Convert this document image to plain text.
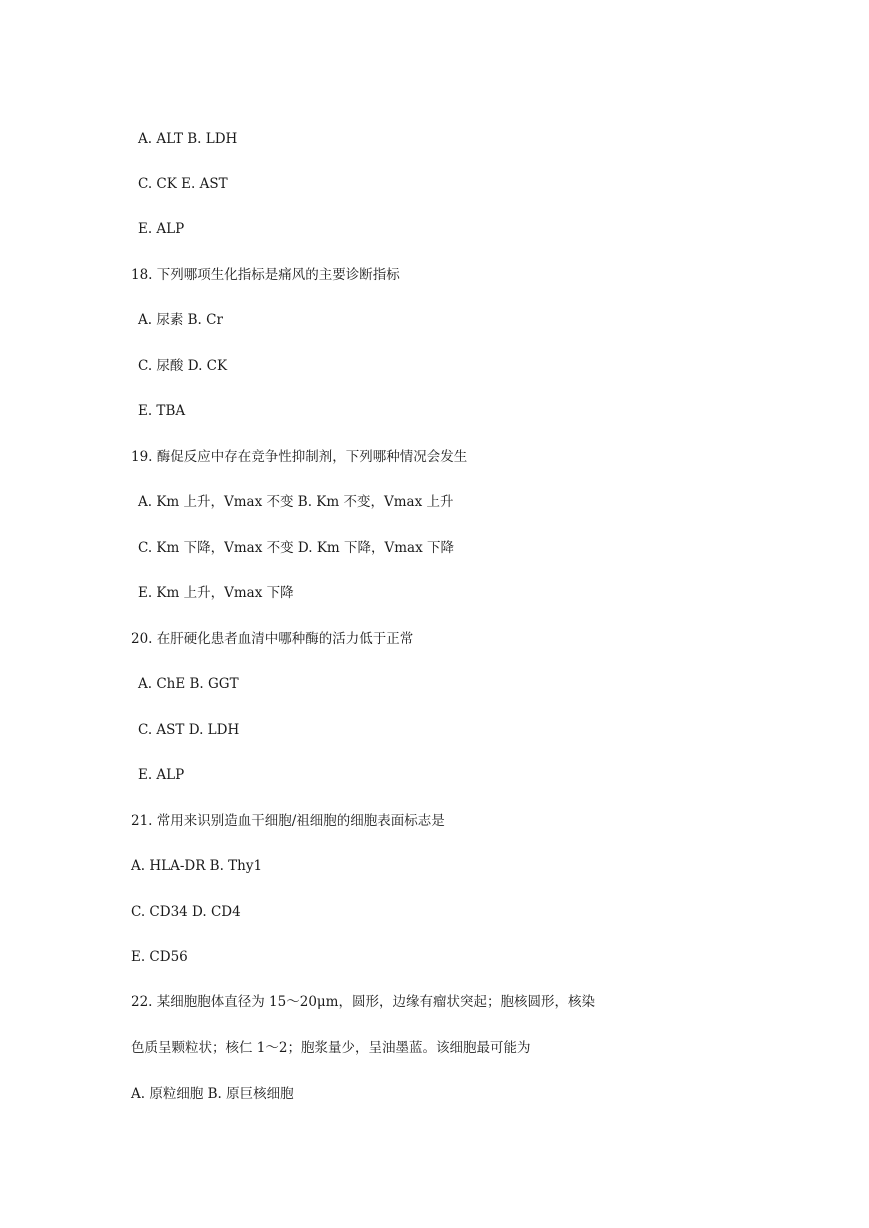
A. ALT B. LDH
C. CK E. AST
E. ALP
18. 下列哪项生化指标是痛风的主要诊断指标
A. 尿素 B. Cr
C. 尿酸 D. CK
E. TBA
19. 酶促反应中存在竞争性抑制剂，下列哪种情况会发生
A. Km 上升，Vmax 不变 B. Km 不变，Vmax 上升
C. Km 下降，Vmax 不变 D. Km 下降，Vmax 下降
E. Km 上升，Vmax 下降
20. 在肝硬化患者血清中哪种酶的活力低于正常
A. ChE B. GGT
C. AST D. LDH
E. ALP
21. 常用来识别造血干细胞/祖细胞的细胞表面标志是
A. HLA-DR B. Thy1
C. CD34 D. CD4
E. CD56
22. 某细胞胞体直径为 15～20μm，圆形，边缘有瘤状突起；胞核圆形，核染
色质呈颗粒状；核仁 1～2；胞浆量少，呈油墨蓝。该细胞最可能为
A. 原粒细胞 B. 原巨核细胞
